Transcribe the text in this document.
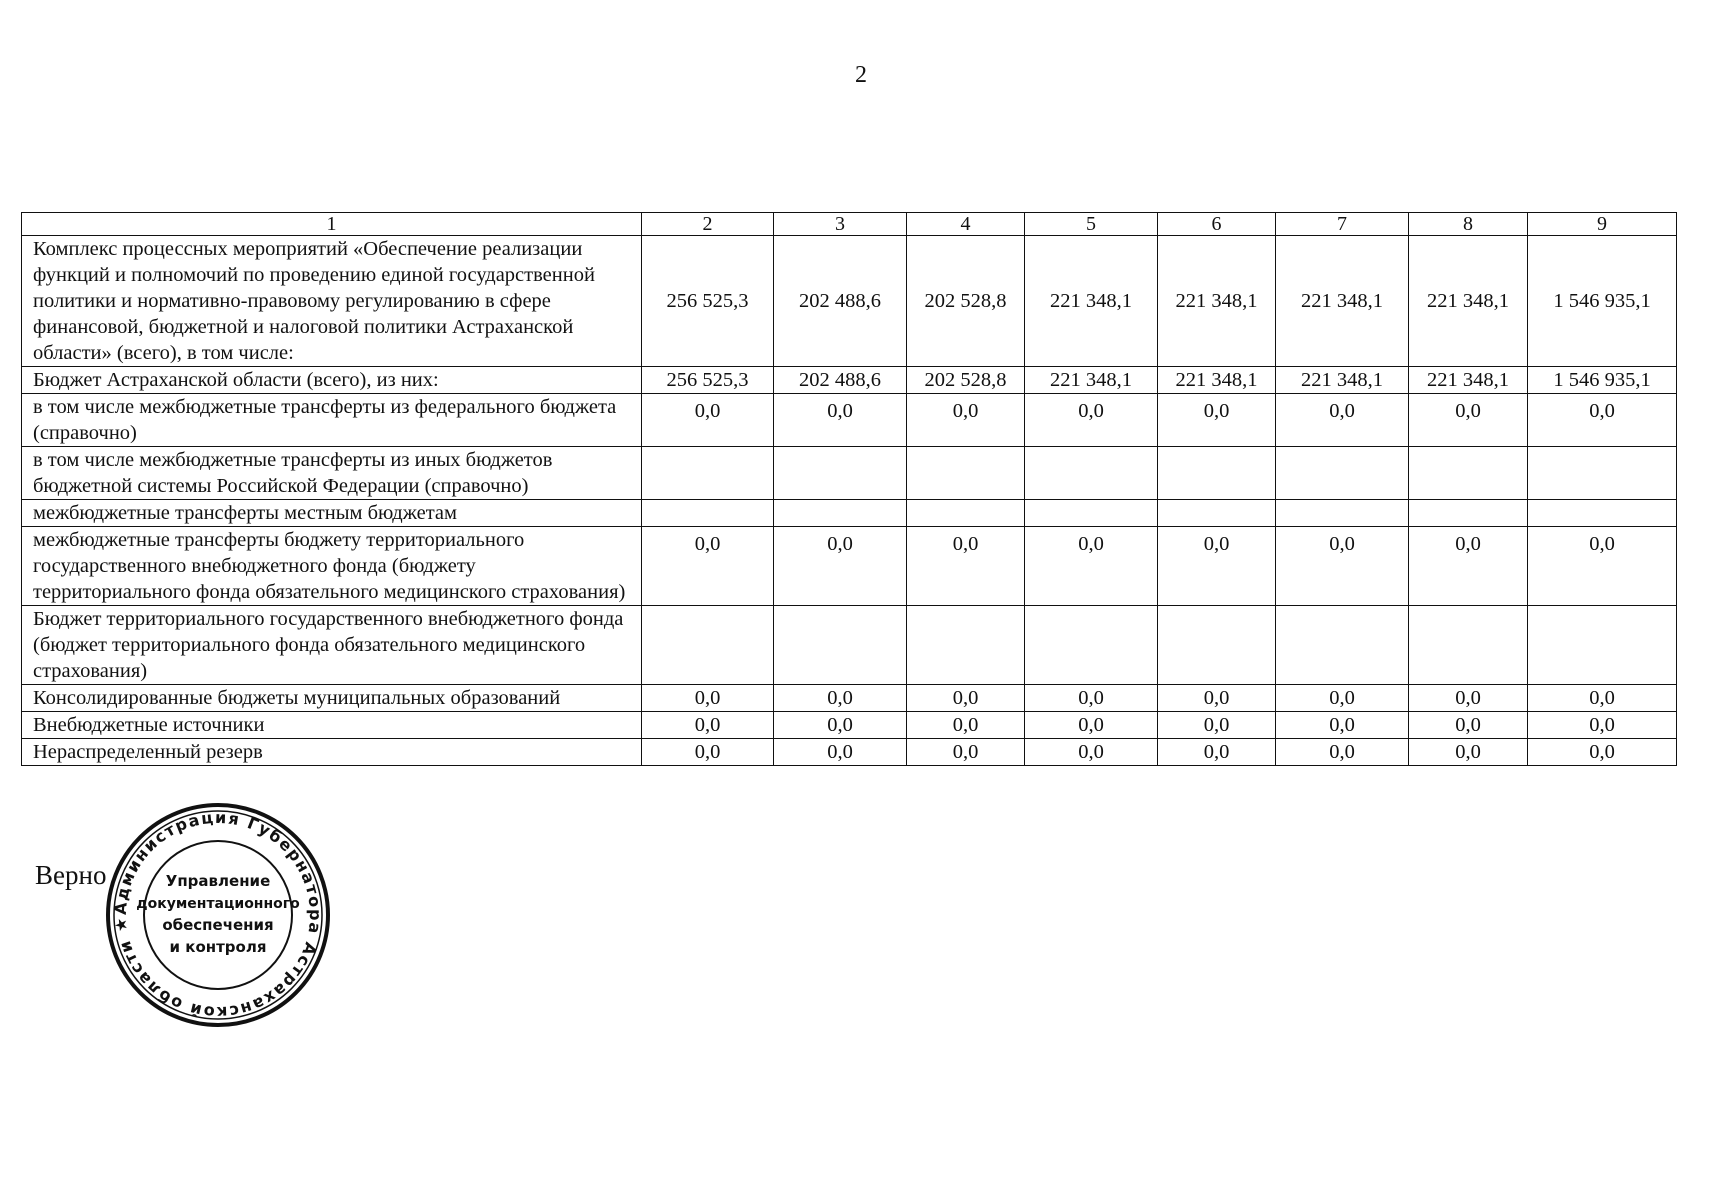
2
1	2	3	4	5	6	7	8	9
Комплекс процессных мероприятий «Обеспечение реализации функций и полномочий по проведению единой государственной политики и нормативно-правовому регулированию в сфере финансовой, бюджетной и налоговой политики Астраханской области» (всего), в том числе:	256 525,3	202 488,6	202 528,8	221 348,1	221 348,1	221 348,1	221 348,1	1 546 935,1
Бюджет Астраханской области (всего), из них:	256 525,3	202 488,6	202 528,8	221 348,1	221 348,1	221 348,1	221 348,1	1 546 935,1
в том числе межбюджетные трансферты из федерального бюджета (справочно)	0,0	0,0	0,0	0,0	0,0	0,0	0,0	0,0
в том числе межбюджетные трансферты из иных бюджетов бюджетной системы Российской Федерации (справочно)								
межбюджетные трансферты местным бюджетам								
межбюджетные трансферты бюджету территориального государственного внебюджетного фонда (бюджету территориального фонда обязательного медицинского страхования)	0,0	0,0	0,0	0,0	0,0	0,0	0,0	0,0
Бюджет территориального государственного внебюджетного фонда (бюджет территориального фонда обязательного медицинского страхования)								
Консолидированные бюджеты муниципальных образований	0,0	0,0	0,0	0,0	0,0	0,0	0,0	0,0
Внебюджетные источники	0,0	0,0	0,0	0,0	0,0	0,0	0,0	0,0
Нераспределенный резерв	0,0	0,0	0,0	0,0	0,0	0,0	0,0	0,0
Верно
Администрация Губернатора Астраханской области ★
Управление
документационного
обеспечения
и контроля
